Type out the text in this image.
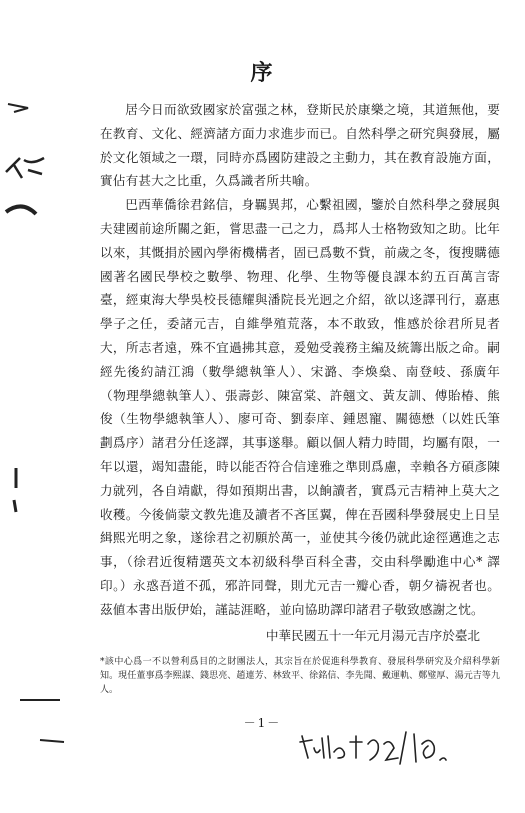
序

居今日而欲致國家於富强之林，登斯民於康樂之境，其道無他，要在教育、文化、經濟諸方面力求進步而已。自然科學之研究與發展，屬於文化領域之一環，同時亦爲國防建設之主動力，其在教育設施方面，實佔有甚大之比重，久爲識者所共喻。

巴西華僑徐君銘信，身羈異邦，心繫祖國，鑒於自然科學之發展與夫建國前途所關之鉅，嘗思盡一己之力，爲邦人士格物致知之助。比年以來，其慨捐於國內學術機構者，固已爲數不貲，前歲之冬，復搜購德國著名國民學校之數學、物理、化學、生物等優良課本約五百萬言寄臺，經東海大學吳校長德耀與潘院長光迥之介紹，欲以迻譯刊行，嘉惠學子之任，委諸元吉，自維學殖荒落，本不敢致，惟感於徐君所見者大，所志者遠，殊不宜過拂其意，爰勉受義務主編及統籌出版之命。嗣經先後約請江鴻（數學總執筆人）、宋潞、李煥燊、南登岐、孫廣年（物理學總執筆人）、張壽彭、陳富棠、許翹文、黃友訓、傅貽椿、熊俊（生物學總執筆人）、廖可奇、劉泰庠、鍾恩寵、關德懋（以姓氏筆劃爲序）諸君分任迻譯，其事遂舉。顧以個人精力時間，均屬有限，一年以還，竭知盡能，時以能否符合信達雅之準則爲慮，幸賴各方碩彥陳力就列，各自靖獻，得如預期出書，以餉讀者，實爲元吉精神上莫大之收穫。今後倘蒙文教先進及讀者不吝匡翼，俾在吾國科學發展史上日呈緝熙光明之象，遂徐君之初願於萬一，並使其今後仍就此途徑邁進之志事，（徐君近復精選英文本初級科學百科全書，交由科學勵進中心* 譯印。）永惑吾道不孤，邪許同聲，則尤元吉一瓣心香，朝夕禱祝者也。茲値本書出版伊始，謹誌涯略，並向協助譯印諸君子敬致感謝之忱。

中華民國五十一年元月湯元吉序於臺北
*該中心爲一不以營利爲目的之財團法人，其宗旨在於促進科學教育、發展科學研究及介紹科學新知。現任董事爲李熙謀、錢思亮、趙連芳、林致平、徐銘信、李先聞、戴運軌、鄭璧厚、湯元吉等九人。
－1－
